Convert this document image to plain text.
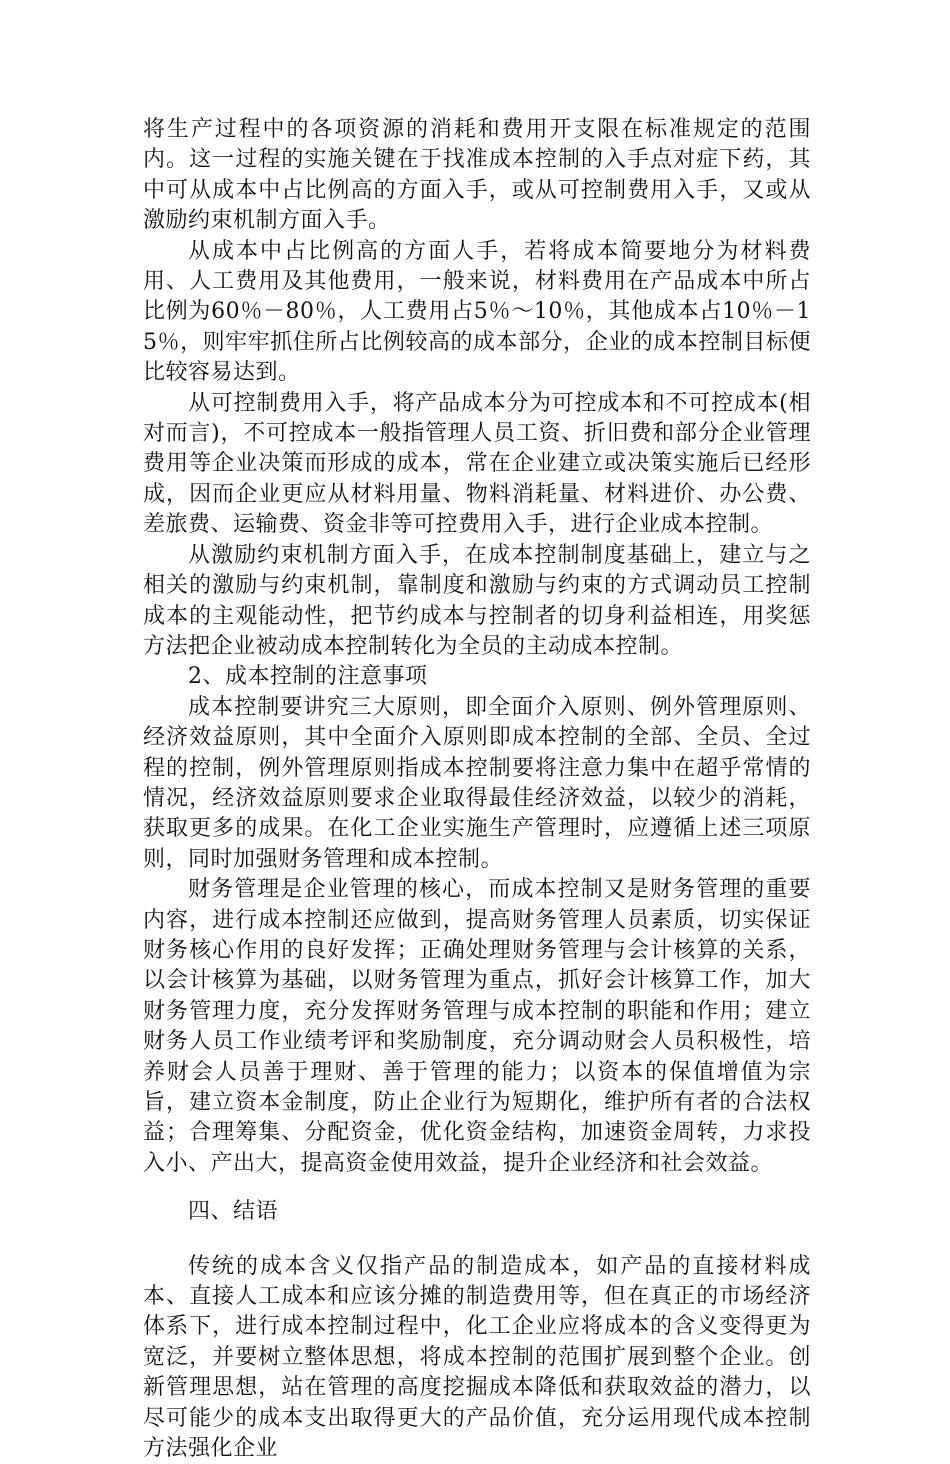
将生产过程中的各项资源的消耗和费用开支限在标准规定的范围内。这一过程的实施关键在于找准成本控制的入手点对症下药，其中可从成本中占比例高的方面入手，或从可控制费用入手，又或从激励约束机制方面入手。

从成本中占比例高的方面人手，若将成本简要地分为材料费用、人工费用及其他费用，一般来说，材料费用在产品成本中所占比例为60％－80％，人工费用占5％～10％，其他成本占10％－15％，则牢牢抓住所占比例较高的成本部分，企业的成本控制目标便比较容易达到。

从可控制费用入手，将产品成本分为可控成本和不可控成本(相对而言)，不可控成本一般指管理人员工资、折旧费和部分企业管理费用等企业决策而形成的成本，常在企业建立或决策实施后已经形成，因而企业更应从材料用量、物料消耗量、材料进价、办公费、差旅费、运输费、资金非等可控费用入手，进行企业成本控制。

从激励约束机制方面入手，在成本控制制度基础上，建立与之相关的激励与约束机制，靠制度和激励与约束的方式调动员工控制成本的主观能动性，把节约成本与控制者的切身利益相连，用奖惩方法把企业被动成本控制转化为全员的主动成本控制。

2、成本控制的注意事项

成本控制要讲究三大原则，即全面介入原则、例外管理原则、经济效益原则，其中全面介入原则即成本控制的全部、全员、全过程的控制，例外管理原则指成本控制要将注意力集中在超乎常情的情况，经济效益原则要求企业取得最佳经济效益，以较少的消耗，获取更多的成果。在化工企业实施生产管理时，应遵循上述三项原则，同时加强财务管理和成本控制。

财务管理是企业管理的核心，而成本控制又是财务管理的重要内容，进行成本控制还应做到，提高财务管理人员素质，切实保证财务核心作用的良好发挥；正确处理财务管理与会计核算的关系，以会计核算为基础，以财务管理为重点，抓好会计核算工作，加大财务管理力度，充分发挥财务管理与成本控制的职能和作用；建立财务人员工作业绩考评和奖励制度，充分调动财会人员积极性，培养财会人员善于理财、善于管理的能力；以资本的保值增值为宗旨，建立资本金制度，防止企业行为短期化，维护所有者的合法权益；合理筹集、分配资金，优化资金结构，加速资金周转，力求投入小、产出大，提高资金使用效益，提升企业经济和社会效益。

四、结语

传统的成本含义仅指产品的制造成本，如产品的直接材料成本、直接人工成本和应该分摊的制造费用等，但在真正的市场经济体系下，进行成本控制过程中，化工企业应将成本的含义变得更为宽泛，并要树立整体思想，将成本控制的范围扩展到整个企业。创新管理思想，站在管理的高度挖掘成本降低和获取效益的潜力，以尽可能少的成本支出取得更大的产品价值，充分运用现代成本控制方法强化企业
